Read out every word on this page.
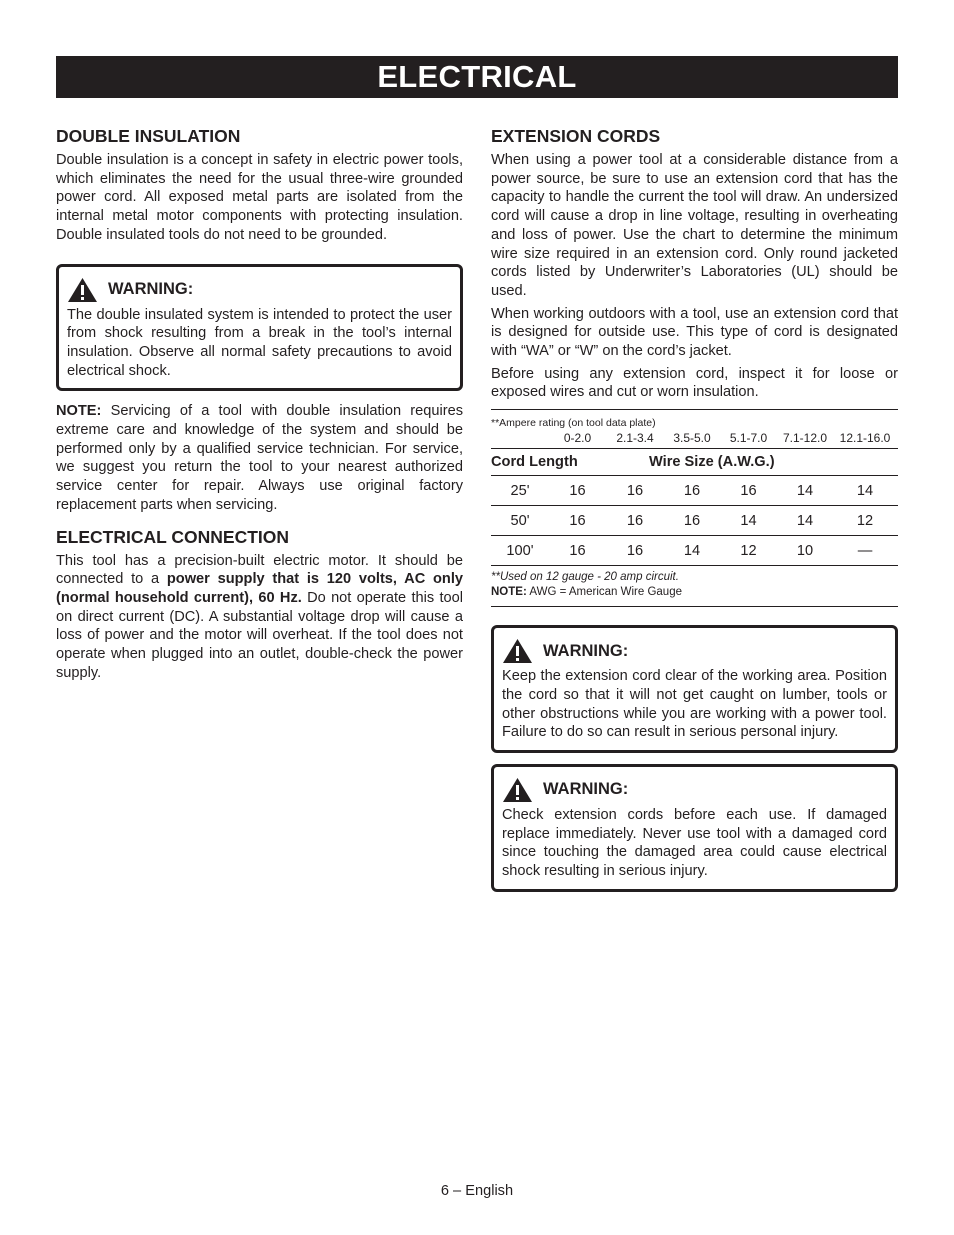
ELECTRICAL
DOUBLE INSULATION

Double insulation is a concept in safety in electric power tools, which eliminates the need for the usual three-wire grounded power cord. All exposed metal parts are isolated from the internal metal motor components with protecting insulation. Double insulated tools do not need to be grounded.

WARNING:

The double insulated system is intended to protect the user from shock resulting from a break in the tool’s internal insulation. Observe all normal safety precautions to avoid electrical shock.

NOTE: Servicing of a tool with double insulation requires extreme care and knowledge of the system and should be performed only by a qualified service technician. For service, we suggest you return the tool to your nearest authorized service center for repair. Always use original factory replacement parts when servicing.

ELECTRICAL CONNECTION

This tool has a precision-built electric motor. It should be connected to a power supply that is 120 volts, AC only (normal household current), 60 Hz. Do not operate this tool on direct current (DC). A substantial voltage drop will cause a loss of power and the motor will overheat. If the tool does not operate when plugged into an outlet, double-check the power supply.

EXTENSION CORDS

When using a power tool at a considerable distance from a power source, be sure to use an extension cord that has the capacity to handle the current the tool will draw. An undersized cord will cause a drop in line voltage, resulting in overheating and loss of power. Use the chart to determine the minimum wire size required in an extension cord. Only round jacketed cords listed by Underwriter’s Laboratories (UL) should be used.

When working outdoors with a tool, use an extension cord that is designed for outside use. This type of cord is designated with “WA” or “W” on the cord’s jacket.

Before using any extension cord, inspect it for loose or exposed wires and cut or worn insulation.

**Ampere rating (on tool data plate)
0-2.0	2.1-3.4	3.5-5.0	5.1-7.0	7.1-12.0	12.1-16.0
Cord Length	Wire Size (A.W.G.)
25'	16	16	16	16	14	14
50'	16	16	16	14	14	12
100'	16	16	14	12	10	—
**Used on 12 gauge - 20 amp circuit.
NOTE: AWG = American Wire Gauge
WARNING:

Keep the extension cord clear of the working area. Position the cord so that it will not get caught on lumber, tools or other obstructions while you are working with a power tool. Failure to do so can result in serious personal injury.

WARNING:

Check extension cords before each use. If damaged replace immediately. Never use tool with a damaged cord since touching the damaged area could cause electrical shock resulting in serious injury.

6 – English
